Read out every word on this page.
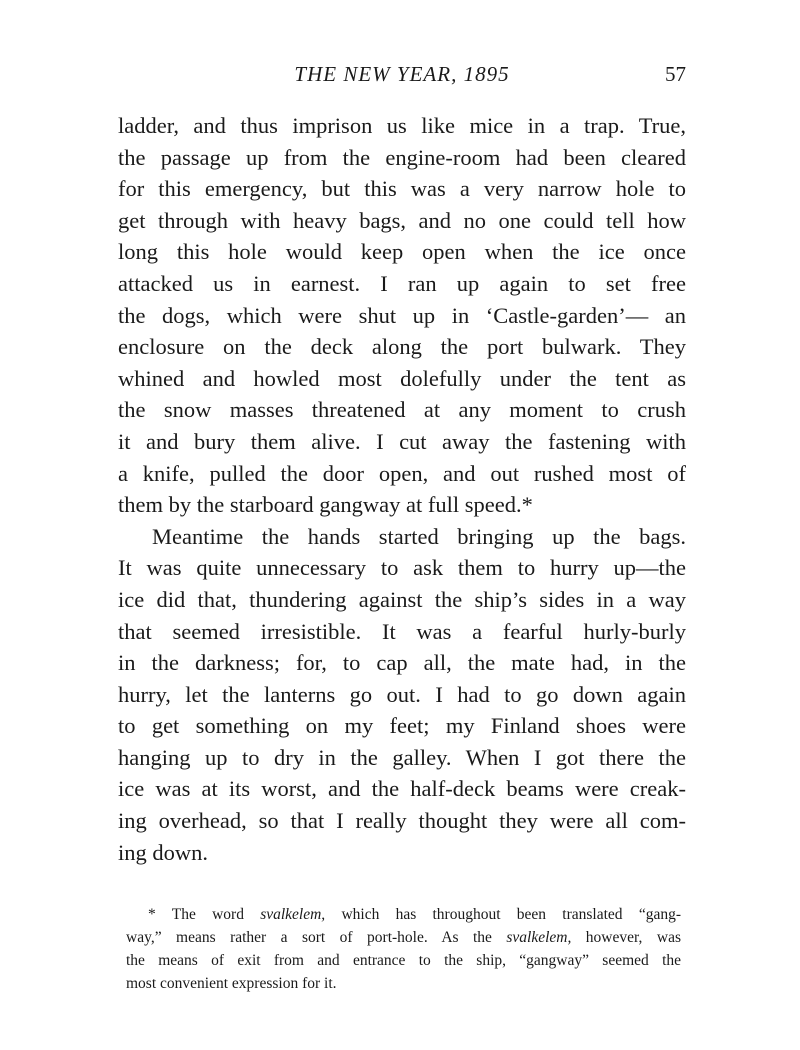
THE NEW YEAR, 1895	57
ladder, and thus imprison us like mice in a trap. True,
the passage up from the engine-room had been cleared
for this emergency, but this was a very narrow hole to
get through with heavy bags, and no one could tell how
long this hole would keep open when the ice once
attacked us in earnest. I ran up again to set free
the dogs, which were shut up in ‘Castle-garden’— an
enclosure on the deck along the port bulwark. They
whined and howled most dolefully under the tent as
the snow masses threatened at any moment to crush
it and bury them alive. I cut away the fastening with
a knife, pulled the door open, and out rushed most of
them by the starboard gangway at full speed.*
Meantime the hands started bringing up the bags.
It was quite unnecessary to ask them to hurry up—the
ice did that, thundering against the ship’s sides in a way
that seemed irresistible. It was a fearful hurly-burly
in the darkness; for, to cap all, the mate had, in the
hurry, let the lanterns go out. I had to go down again
to get something on my feet; my Finland shoes were
hanging up to dry in the galley. When I got there the
ice was at its worst, and the half-deck beams were creak-
ing overhead, so that I really thought they were all com-
ing down.
* The word svalkelem, which has throughout been translated “gang-
way,” means rather a sort of port-hole. As the svalkelem, however, was
the means of exit from and entrance to the ship, “gangway” seemed the
most convenient expression for it.
